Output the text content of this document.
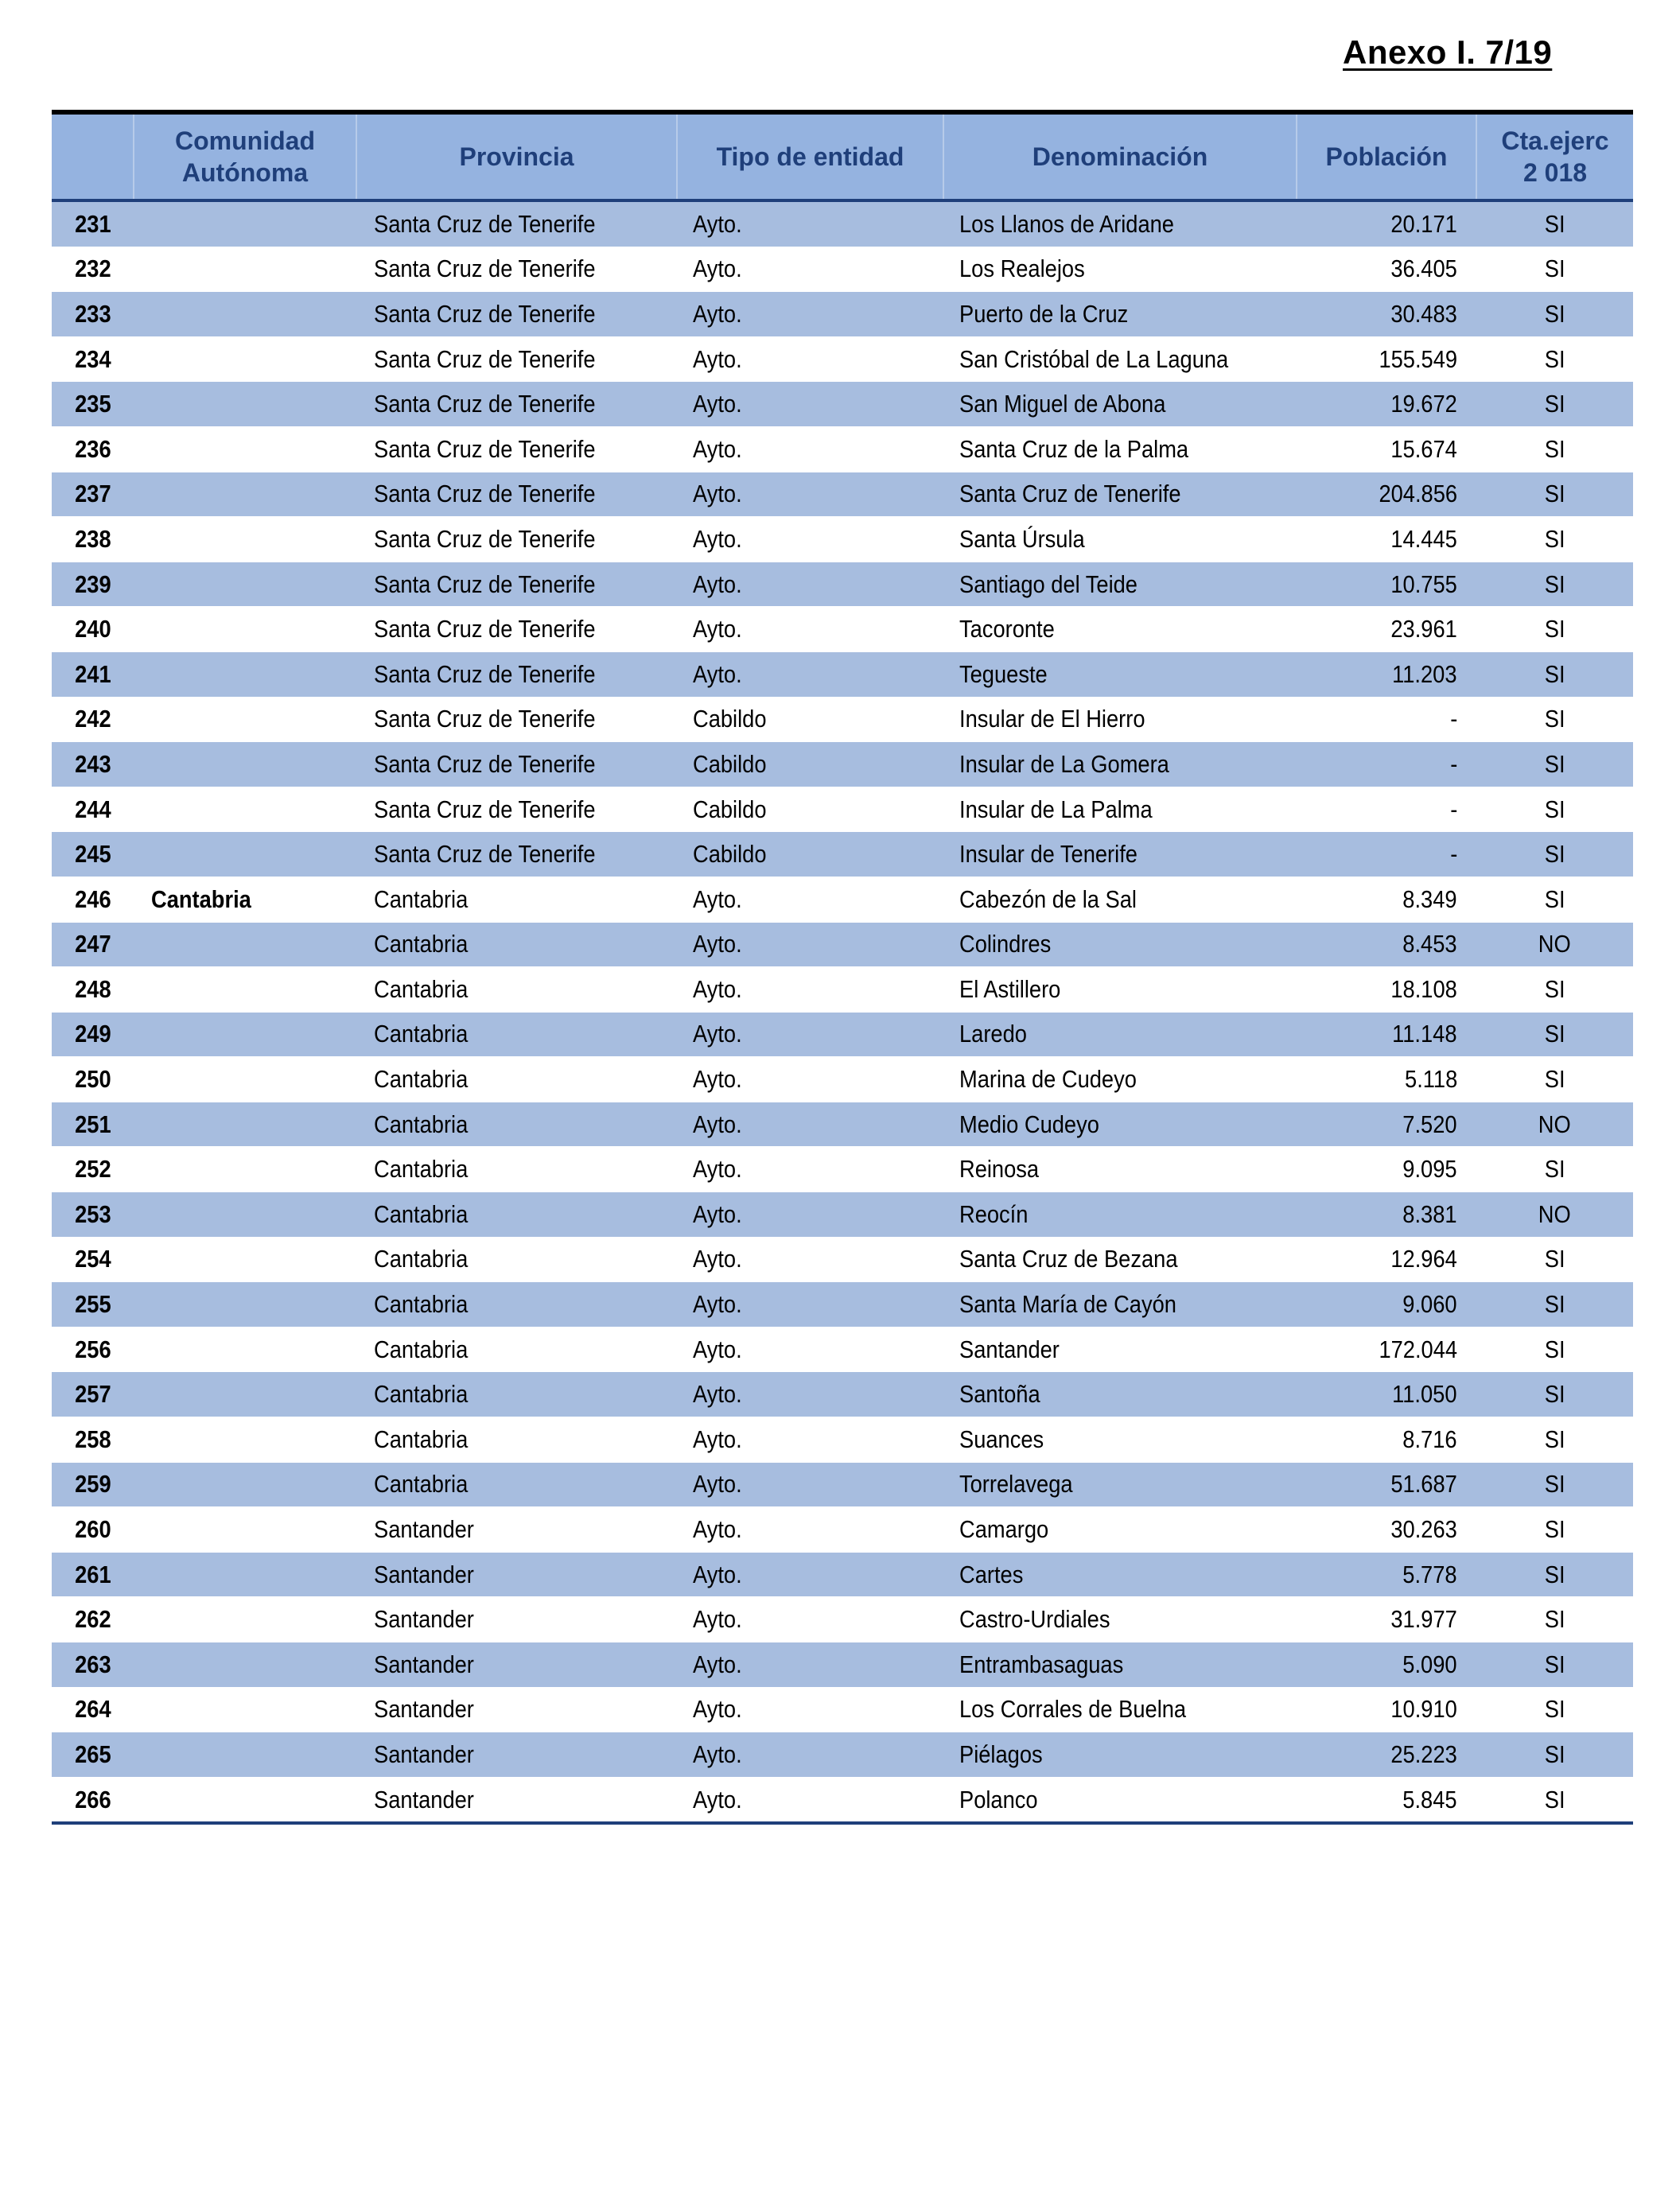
Anexo I. 7/19

	Comunidad Autónoma	Provincia	Tipo de entidad	Denominación	Población	Cta.ejerc2 018

231		Santa Cruz de Tenerife	Ayto.	Los Llanos de Aridane	20.171	SI
232		Santa Cruz de Tenerife	Ayto.	Los Realejos	36.405	SI
233		Santa Cruz de Tenerife	Ayto.	Puerto de la Cruz	30.483	SI
234		Santa Cruz de Tenerife	Ayto.	San Cristóbal de La Laguna	155.549	SI
235		Santa Cruz de Tenerife	Ayto.	San Miguel de Abona	19.672	SI
236		Santa Cruz de Tenerife	Ayto.	Santa Cruz de la Palma	15.674	SI
237		Santa Cruz de Tenerife	Ayto.	Santa Cruz de Tenerife	204.856	SI
238		Santa Cruz de Tenerife	Ayto.	Santa Úrsula	14.445	SI
239		Santa Cruz de Tenerife	Ayto.	Santiago del Teide	10.755	SI
240		Santa Cruz de Tenerife	Ayto.	Tacoronte	23.961	SI
241		Santa Cruz de Tenerife	Ayto.	Tegueste	11.203	SI
242		Santa Cruz de Tenerife	Cabildo	Insular de El Hierro	-	SI
243		Santa Cruz de Tenerife	Cabildo	Insular de La Gomera	-	SI
244		Santa Cruz de Tenerife	Cabildo	Insular de La Palma	-	SI
245		Santa Cruz de Tenerife	Cabildo	Insular de Tenerife	-	SI
246	Cantabria	Cantabria	Ayto.	Cabezón de la Sal	8.349	SI
247		Cantabria	Ayto.	Colindres	8.453	NO
248		Cantabria	Ayto.	El Astillero	18.108	SI
249		Cantabria	Ayto.	Laredo	11.148	SI
250		Cantabria	Ayto.	Marina de Cudeyo	5.118	SI
251		Cantabria	Ayto.	Medio Cudeyo	7.520	NO
252		Cantabria	Ayto.	Reinosa	9.095	SI
253		Cantabria	Ayto.	Reocín	8.381	NO
254		Cantabria	Ayto.	Santa Cruz de Bezana	12.964	SI
255		Cantabria	Ayto.	Santa María de Cayón	9.060	SI
256		Cantabria	Ayto.	Santander	172.044	SI
257		Cantabria	Ayto.	Santoña	11.050	SI
258		Cantabria	Ayto.	Suances	8.716	SI
259		Cantabria	Ayto.	Torrelavega	51.687	SI
260		Santander	Ayto.	Camargo	30.263	SI
261		Santander	Ayto.	Cartes	5.778	SI
262		Santander	Ayto.	Castro-Urdiales	31.977	SI
263		Santander	Ayto.	Entrambasaguas	5.090	SI
264		Santander	Ayto.	Los Corrales de Buelna	10.910	SI
265		Santander	Ayto.	Piélagos	25.223	SI
266		Santander	Ayto.	Polanco	5.845	SI
